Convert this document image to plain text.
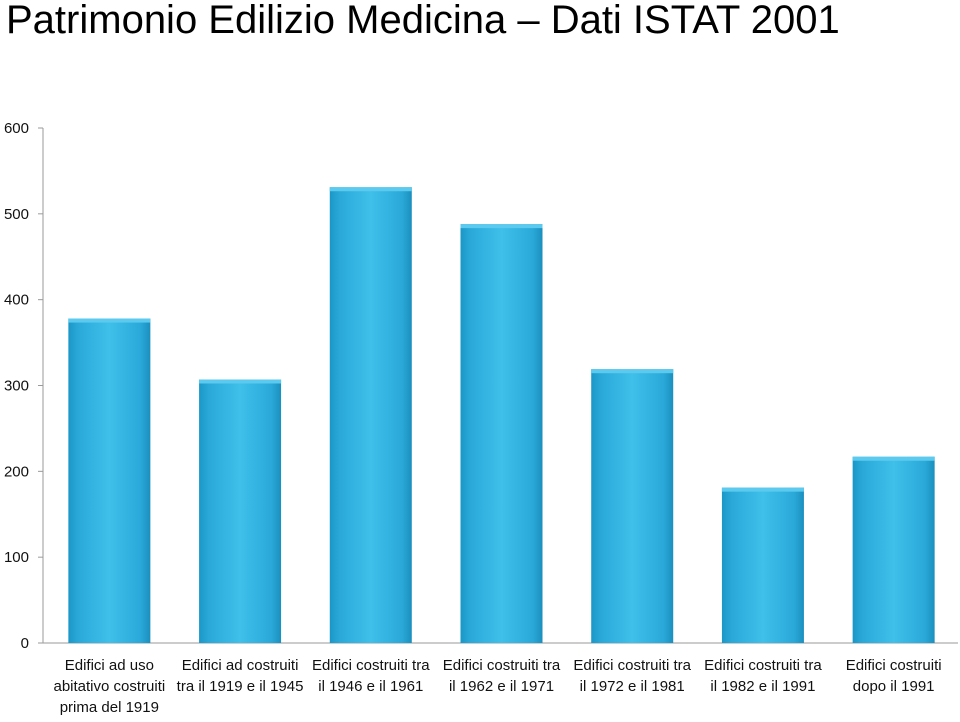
Patrimonio Edilizio Medicina – Dati ISTAT 2001
0
100
200
300
400
500
600
Edifici ad uso abitativo costruiti prima del 1919
Edifici ad costruiti tra il 1919 e il 1945
Edifici costruiti tra il 1946 e il 1961
Edifici costruiti tra il 1962 e il 1971
Edifici costruiti tra il 1972 e il 1981
Edifici costruiti tra il 1982 e il 1991
Edifici costruiti dopo il 1991
